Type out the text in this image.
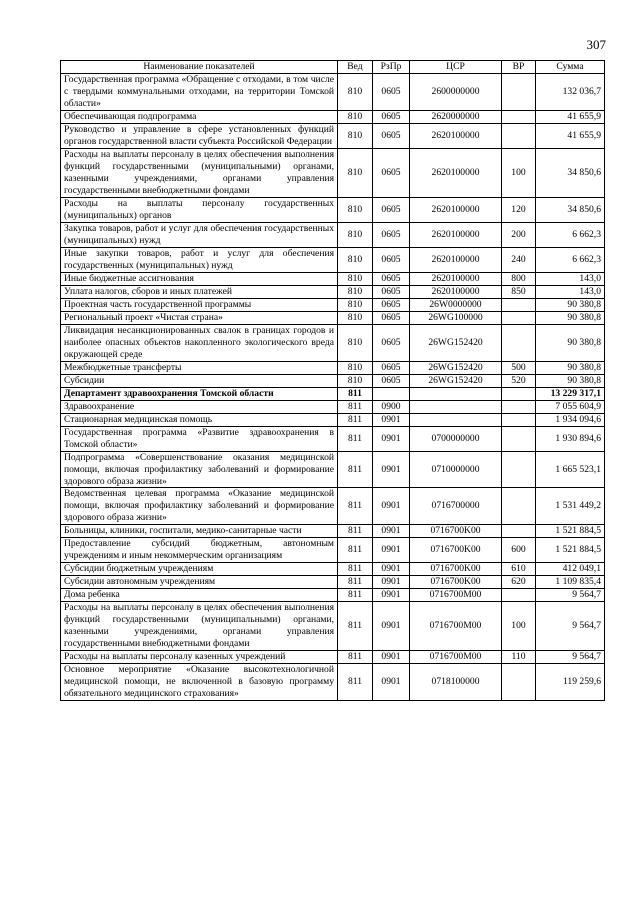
307
Наименование показателей	Вед	РзПр	ЦСР	ВР	Сумма
Государственная программа «Обращение с отходами, в том числе с твердыми коммунальными отходами, на территории Томской области»	810	0605	2600000000		132 036,7
Обеспечивающая подпрограмма	810	0605	2620000000		41 655,9
Руководство и управление в сфере установленных функций органов государственной власти субъекта Российской Федерации	810	0605	2620100000		41 655,9
Расходы на выплаты персоналу в целях обеспечения выполнения функций государственными (муниципальными) органами, казенными учреждениями, органами управления государственными внебюджетными фондами	810	0605	2620100000	100	34 850,6
Расходы на выплаты персоналу государственных (муниципальных) органов	810	0605	2620100000	120	34 850,6
Закупка товаров, работ и услуг для обеспечения государственных (муниципальных) нужд	810	0605	2620100000	200	6 662,3
Иные закупки товаров, работ и услуг для обеспечения государственных (муниципальных) нужд	810	0605	2620100000	240	6 662,3
Иные бюджетные ассигнования	810	0605	2620100000	800	143,0
Уплата налогов, сборов и иных платежей	810	0605	2620100000	850	143,0
Проектная часть государственной программы	810	0605	26W0000000		90 380,8
Региональный проект «Чистая страна»	810	0605	26WG100000		90 380,8
Ликвидация несанкционированных свалок в границах городов и наиболее опасных объектов накопленного экологического вреда окружающей среде	810	0605	26WG152420		90 380,8
Межбюджетные трансферты	810	0605	26WG152420	500	90 380,8
Субсидии	810	0605	26WG152420	520	90 380,8
Департамент здравоохранения Томской области	811				13 229 317,1
Здравоохранение	811	0900			7 055 604,9
Стационарная медицинская помощь	811	0901			1 934 094,6
Государственная программа «Развитие здравоохранения в Томской области»	811	0901	0700000000		1 930 894,6
Подпрограмма «Совершенствование оказания медицинской помощи, включая профилактику заболеваний и формирование здорового образа жизни»	811	0901	0710000000		1 665 523,1
Ведомственная целевая программа «Оказание медицинской помощи, включая профилактику заболеваний и формирование здорового образа жизни»	811	0901	0716700000		1 531 449,2
Больницы, клиники, госпитали, медико-санитарные части	811	0901	0716700K00		1 521 884,5
Предоставление субсидий бюджетным, автономным учреждениям и иным некоммерческим организациям	811	0901	0716700K00	600	1 521 884,5
Субсидии бюджетным учреждениям	811	0901	0716700K00	610	412 049,1
Субсидии автономным учреждениям	811	0901	0716700K00	620	1 109 835,4
Дома ребенка	811	0901	0716700M00		9 564,7
Расходы на выплаты персоналу в целях обеспечения выполнения функций государственными (муниципальными) органами, казенными учреждениями, органами управления государственными внебюджетными фондами	811	0901	0716700M00	100	9 564,7
Расходы на выплаты персоналу казенных учреждений	811	0901	0716700M00	110	9 564,7
Основное мероприятие «Оказание высокотехнологичной медицинской помощи, не включенной в базовую программу обязательного медицинского страхования»	811	0901	0718100000		119 259,6
